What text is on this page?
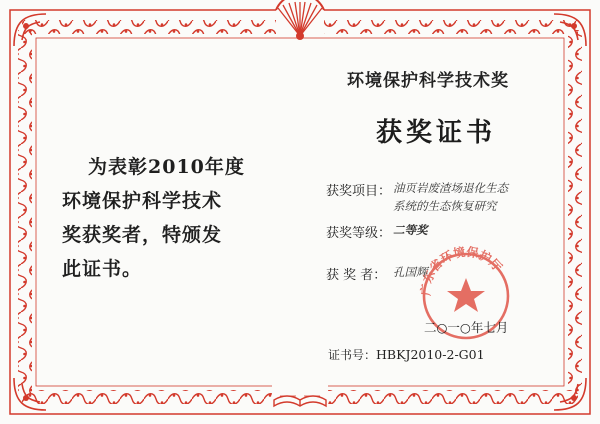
广东省环境保护厅
为表彰2010年度
环境保护科学技术
奖获奖者，特颁发
此证书。
环境保护科学技术奖
获奖证书
获奖项目： 油页岩废渣场退化生态
系统的生态恢复研究
获奖等级： 二等奖
获 奖 者： 孔国辉
二○一○年七月
证书号：HBKJ2010-2-G01
